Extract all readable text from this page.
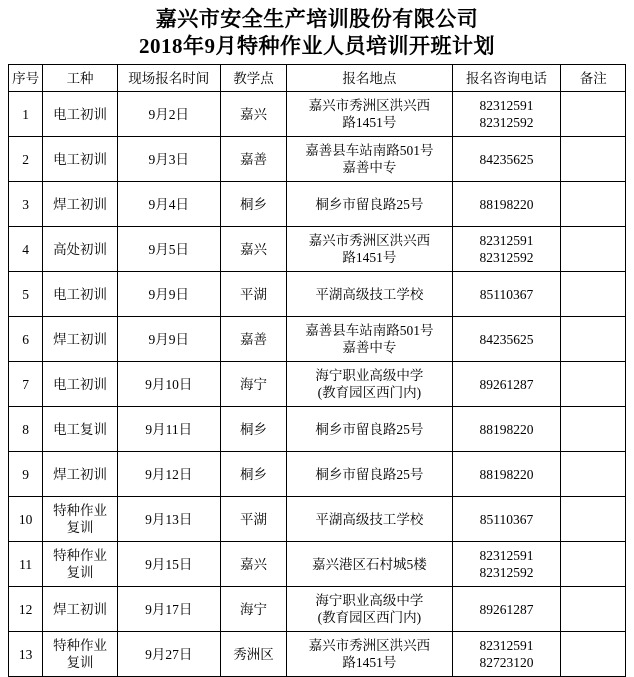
嘉兴市安全生产培训股份有限公司
2018年9月特种作业人员培训开班计划
序号	工种	现场报名时间	教学点	报名地点	报名咨询电话	备注
1	电工初训	9月2日	嘉兴	嘉兴市秀洲区洪兴西
路1451号	82312591
82312592	

2	电工初训	9月3日	嘉善	嘉善县车站南路501号
嘉善中专	84235625	

3	焊工初训	9月4日	桐乡	桐乡市留良路25号	88198220	

4	高处初训	9月5日	嘉兴	嘉兴市秀洲区洪兴西
路1451号	82312591
82312592	

5	电工初训	9月9日	平湖	平湖高级技工学校	85110367	

6	焊工初训	9月9日	嘉善	嘉善县车站南路501号
嘉善中专	84235625	

7	电工初训	9月10日	海宁	海宁职业高级中学
(教育园区西门内)	89261287	

8	电工复训	9月11日	桐乡	桐乡市留良路25号	88198220	

9	焊工初训	9月12日	桐乡	桐乡市留良路25号	88198220	

10	特种作业
复训	9月13日	平湖	平湖高级技工学校	85110367	

11	特种作业
复训	9月15日	嘉兴	嘉兴港区石村城5楼	82312591
82312592	

12	焊工初训	9月17日	海宁	海宁职业高级中学
(教育园区西门内)	89261287	

13	特种作业
复训	9月27日	秀洲区	嘉兴市秀洲区洪兴西
路1451号	82312591
82723120	
